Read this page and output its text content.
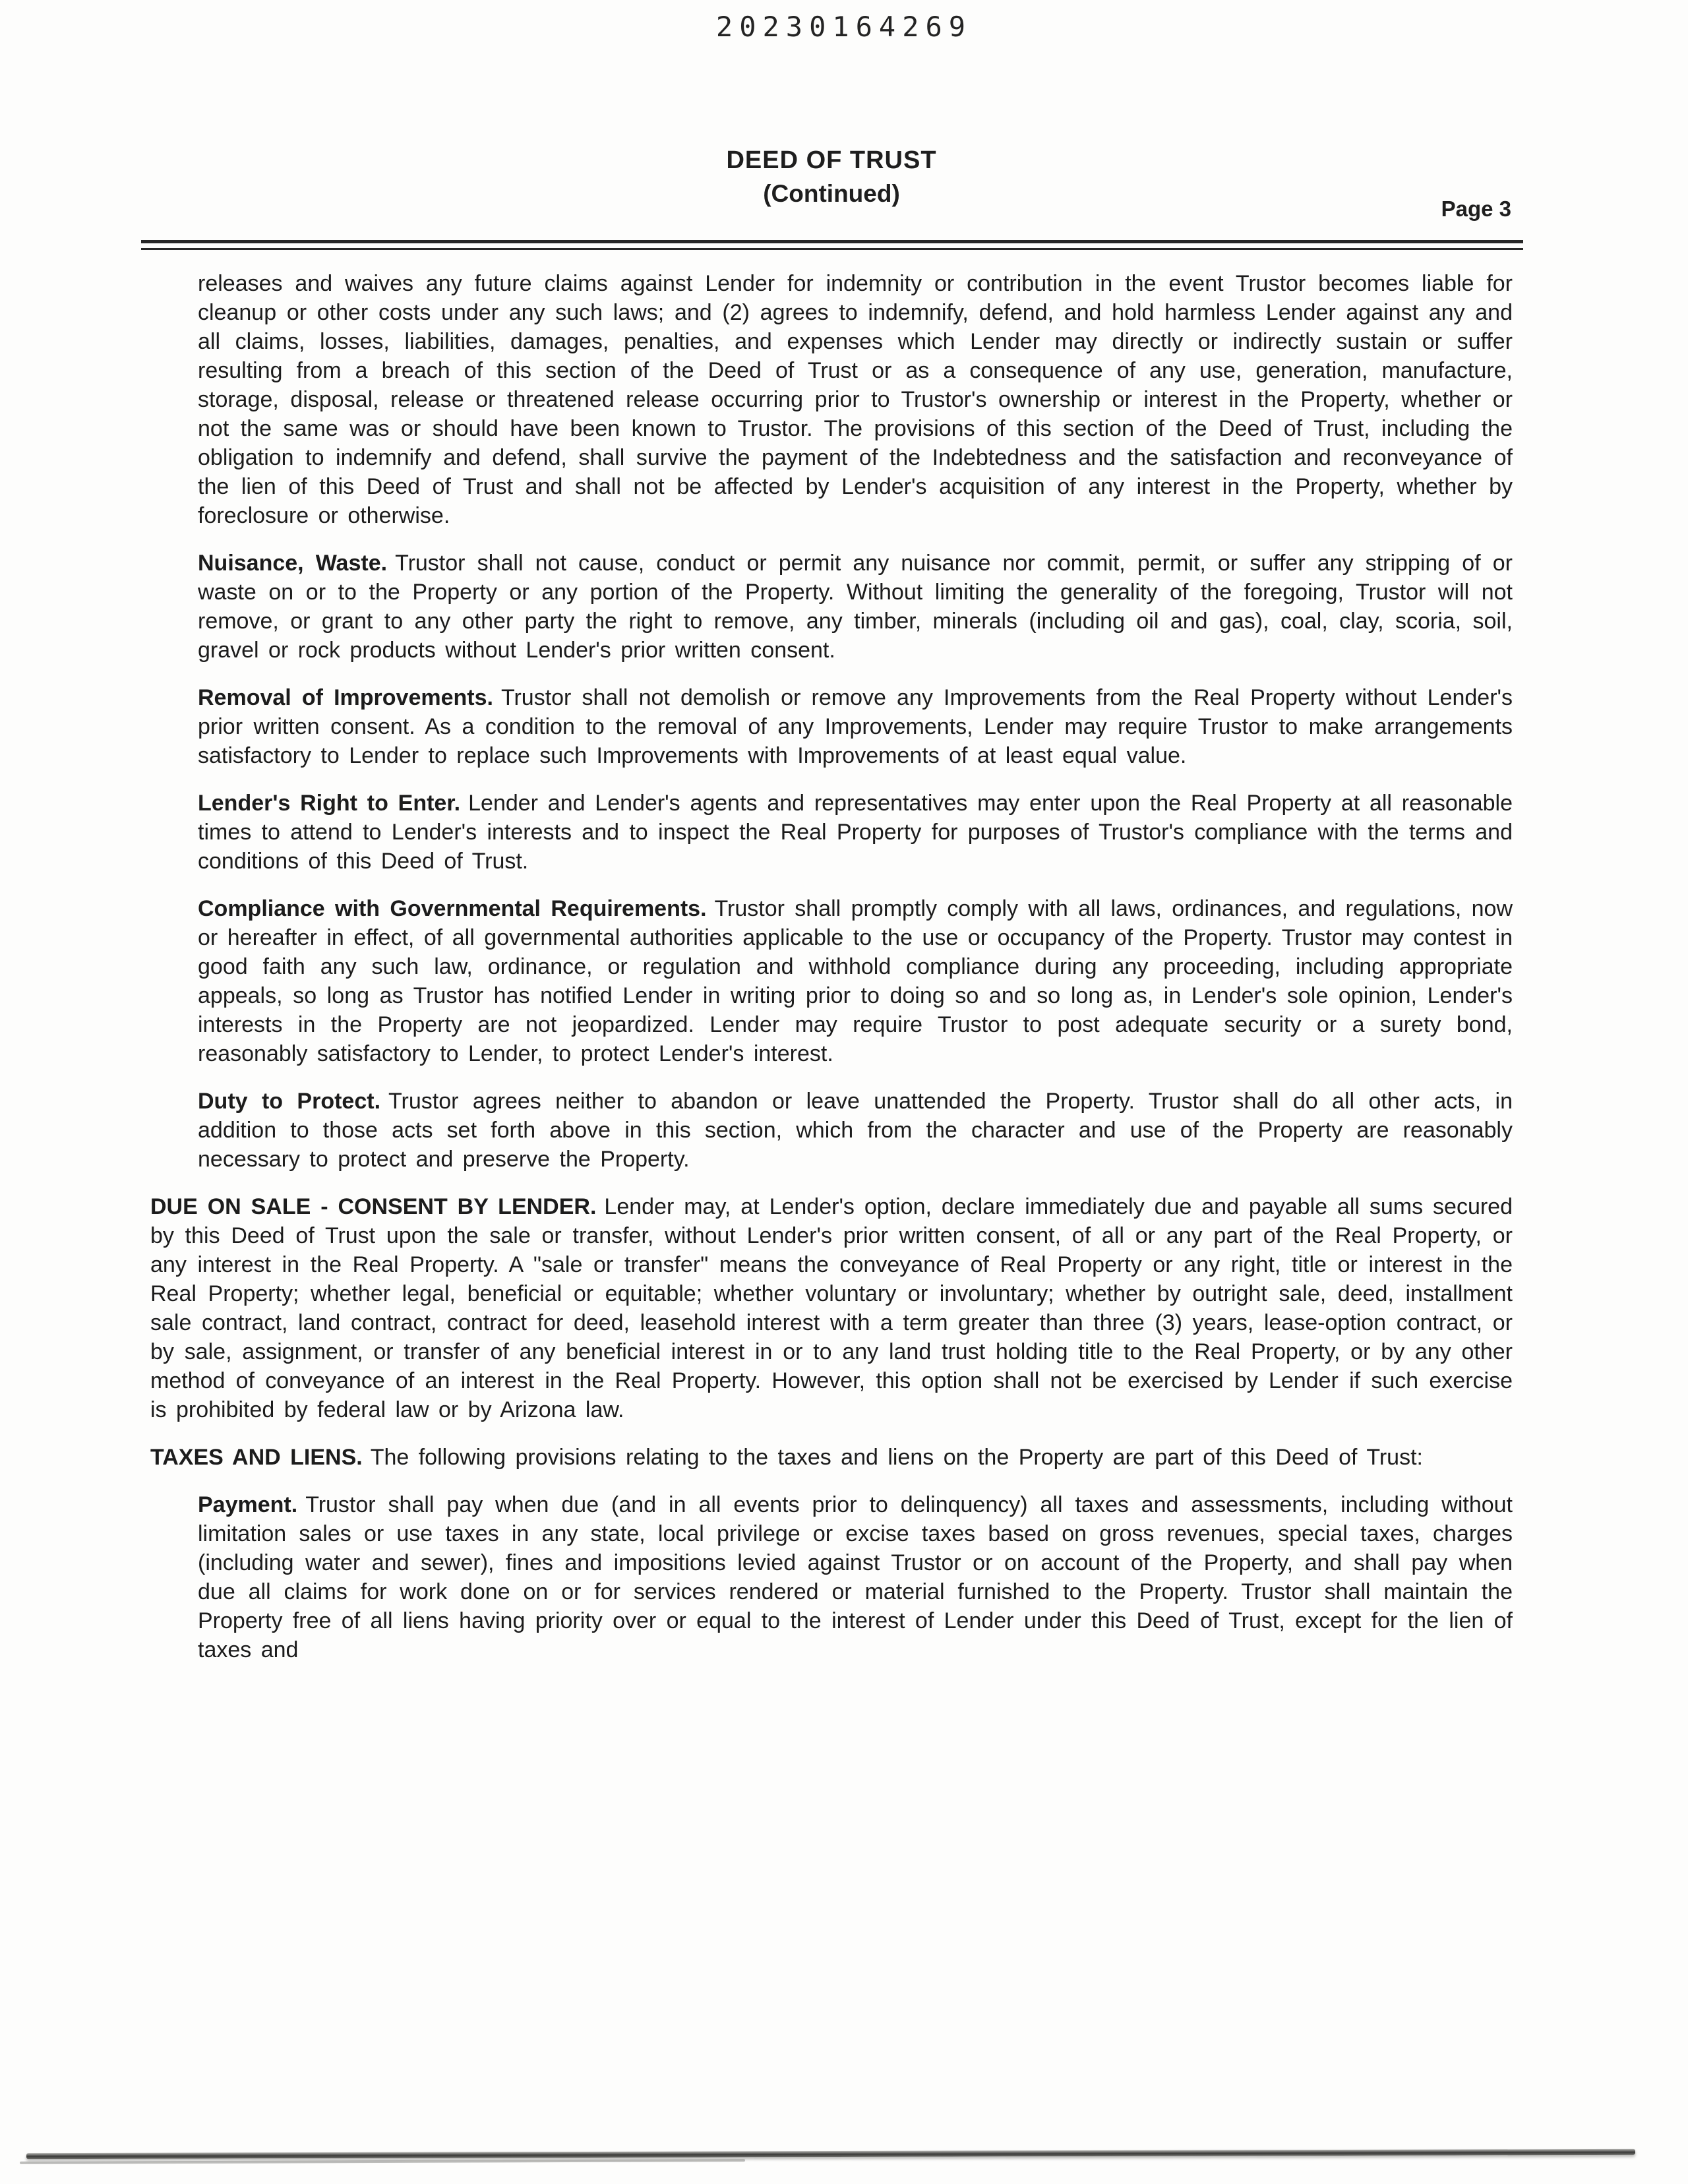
20230164269
DEED OF TRUST
(Continued)
Page 3

releases and waives any future claims against Lender for indemnity or contribution in the event Trustor becomes liable for cleanup or other costs under any such laws; and (2) agrees to indemnify, defend, and hold harmless Lender against any and all claims, losses, liabilities, damages, penalties, and expenses which Lender may directly or indirectly sustain or suffer resulting from a breach of this section of the Deed of Trust or as a consequence of any use, generation, manufacture, storage, disposal, release or threatened release occurring prior to Trustor's ownership or interest in the Property, whether or not the same was or should have been known to Trustor. The provisions of this section of the Deed of Trust, including the obligation to indemnify and defend, shall survive the payment of the Indebtedness and the satisfaction and reconveyance of the lien of this Deed of Trust and shall not be affected by Lender's acquisition of any interest in the Property, whether by foreclosure or otherwise.

Nuisance, Waste. Trustor shall not cause, conduct or permit any nuisance nor commit, permit, or suffer any stripping of or waste on or to the Property or any portion of the Property. Without limiting the generality of the foregoing, Trustor will not remove, or grant to any other party the right to remove, any timber, minerals (including oil and gas), coal, clay, scoria, soil, gravel or rock products without Lender's prior written consent.

Removal of Improvements. Trustor shall not demolish or remove any Improvements from the Real Property without Lender's prior written consent. As a condition to the removal of any Improvements, Lender may require Trustor to make arrangements satisfactory to Lender to replace such Improvements with Improvements of at least equal value.

Lender's Right to Enter. Lender and Lender's agents and representatives may enter upon the Real Property at all reasonable times to attend to Lender's interests and to inspect the Real Property for purposes of Trustor's compliance with the terms and conditions of this Deed of Trust.

Compliance with Governmental Requirements. Trustor shall promptly comply with all laws, ordinances, and regulations, now or hereafter in effect, of all governmental authorities applicable to the use or occupancy of the Property. Trustor may contest in good faith any such law, ordinance, or regulation and withhold compliance during any proceeding, including appropriate appeals, so long as Trustor has notified Lender in writing prior to doing so and so long as, in Lender's sole opinion, Lender's interests in the Property are not jeopardized. Lender may require Trustor to post adequate security or a surety bond, reasonably satisfactory to Lender, to protect Lender's interest.

Duty to Protect. Trustor agrees neither to abandon or leave unattended the Property. Trustor shall do all other acts, in addition to those acts set forth above in this section, which from the character and use of the Property are reasonably necessary to protect and preserve the Property.

DUE ON SALE - CONSENT BY LENDER. Lender may, at Lender's option, declare immediately due and payable all sums secured by this Deed of Trust upon the sale or transfer, without Lender's prior written consent, of all or any part of the Real Property, or any interest in the Real Property. A "sale or transfer" means the conveyance of Real Property or any right, title or interest in the Real Property; whether legal, beneficial or equitable; whether voluntary or involuntary; whether by outright sale, deed, installment sale contract, land contract, contract for deed, leasehold interest with a term greater than three (3) years, lease-option contract, or by sale, assignment, or transfer of any beneficial interest in or to any land trust holding title to the Real Property, or by any other method of conveyance of an interest in the Real Property. However, this option shall not be exercised by Lender if such exercise is prohibited by federal law or by Arizona law.

TAXES AND LIENS. The following provisions relating to the taxes and liens on the Property are part of this Deed of Trust:

Payment. Trustor shall pay when due (and in all events prior to delinquency) all taxes and assessments, including without limitation sales or use taxes in any state, local privilege or excise taxes based on gross revenues, special taxes, charges (including water and sewer), fines and impositions levied against Trustor or on account of the Property, and shall pay when due all claims for work done on or for services rendered or material furnished to the Property. Trustor shall maintain the Property free of all liens having priority over or equal to the interest of Lender under this Deed of Trust, except for the lien of taxes and
